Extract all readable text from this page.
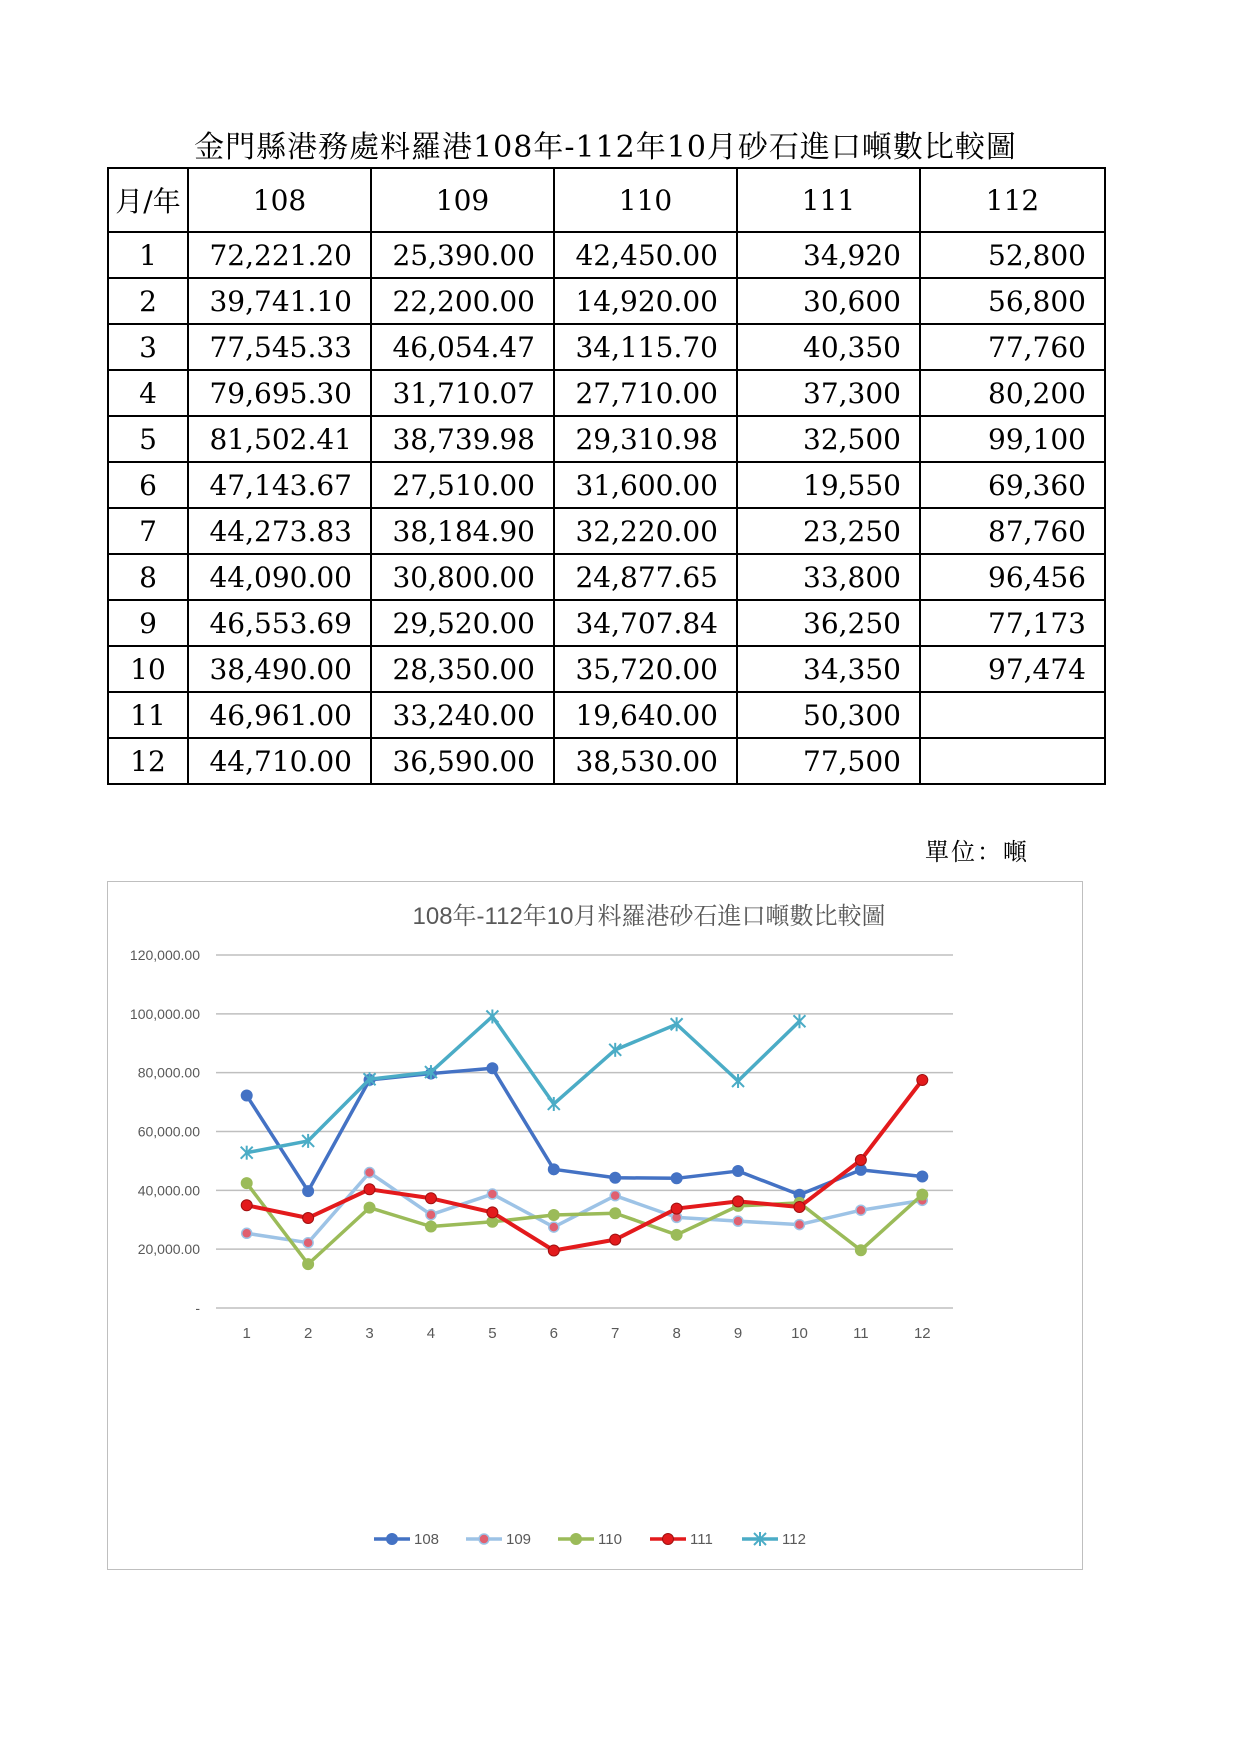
金門縣港務處料羅港108年-112年10月砂石進口噸數比較圖
月/年	108	109	110	111	112
1	72,221.20	25,390.00	42,450.00	34,920	52,800
2	39,741.10	22,200.00	14,920.00	30,600	56,800
3	77,545.33	46,054.47	34,115.70	40,350	77,760
4	79,695.30	31,710.07	27,710.00	37,300	80,200
5	81,502.41	38,739.98	29,310.98	32,500	99,100
6	47,143.67	27,510.00	31,600.00	19,550	69,360
7	44,273.83	38,184.90	32,220.00	23,250	87,760
8	44,090.00	30,800.00	24,877.65	33,800	96,456
9	46,553.69	29,520.00	34,707.84	36,250	77,173
10	38,490.00	28,350.00	35,720.00	34,350	97,474
11	46,961.00	33,240.00	19,640.00	50,300	
12	44,710.00	36,590.00	38,530.00	77,500	
單位：噸
108年-112年10月料羅港砂石進口噸數比較圖
-
20,000.00
40,000.00
60,000.00
80,000.00
100,000.00
120,000.00
1	2	3	4	5	6	7	8	9	10	11	12
108	109	110	111	112
